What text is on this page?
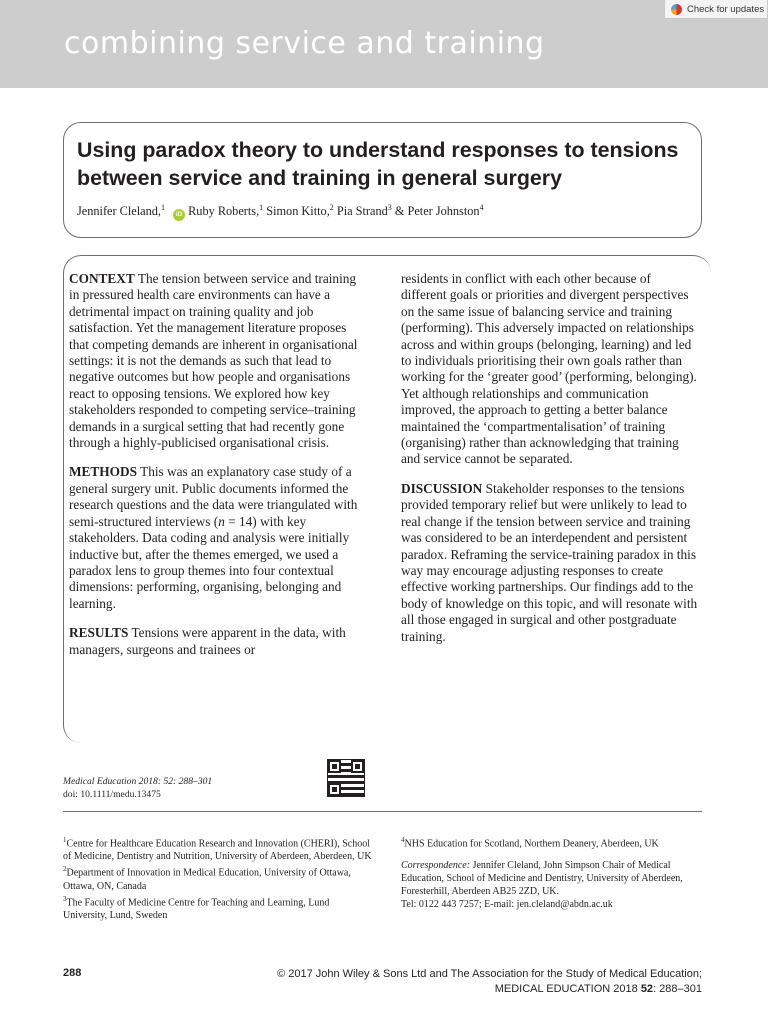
combining service and training
Check for updates
Using paradox theory to understand responses to tensions between service and training in general surgery
Jennifer Cleland,$^1$ iD Ruby Roberts,$^1$ Simon Kitto,$^2$ Pia Strand$^3$ & Peter Johnston$^4$

CONTEXT The tension between service and training in pressured health care environments can have a detrimental impact on training quality and job satisfaction. Yet the management literature proposes that competing demands are inherent in organisational settings: it is not the demands as such that lead to negative outcomes but how people and organisations react to opposing tensions. We explored how key stakeholders responded to competing service–training demands in a surgical setting that had recently gone through a highly-publicised organisational crisis.

METHODS This was an explanatory case study of a general surgery unit. Public documents informed the research questions and the data were triangulated with semi-structured interviews (n = 14) with key stakeholders. Data coding and analysis were initially inductive but, after the themes emerged, we used a paradox lens to group themes into four contextual dimensions: performing, organising, belonging and learning.

RESULTS Tensions were apparent in the data, with managers, surgeons and trainees or

residents in conflict with each other because of different goals or priorities and divergent perspectives on the same issue of balancing service and training (performing). This adversely impacted on relationships across and within groups (belonging, learning) and led to individuals prioritising their own goals rather than working for the ‘greater good’ (performing, belonging). Yet although relationships and communication improved, the approach to getting a better balance maintained the ‘compartmentalisation’ of training (organising) rather than acknowledging that training and service cannot be separated.

DISCUSSION Stakeholder responses to the tensions provided temporary relief but were unlikely to lead to real change if the tension between service and training was considered to be an interdependent and persistent paradox. Reframing the service-training paradox in this way may encourage adjusting responses to create effective working partnerships. Our findings add to the body of knowledge on this topic, and will resonate with all those engaged in surgical and other postgraduate training.

Medical Education 2018: 52: 288–301
doi: 10.1111/medu.13475

$^1$Centre for Healthcare Education Research and Innovation (CHERI), School of Medicine, Dentistry and Nutrition, University of Aberdeen, Aberdeen, UK

$^2$Department of Innovation in Medical Education, University of Ottawa, Ottawa, ON, Canada

$^3$The Faculty of Medicine Centre for Teaching and Learning, Lund University, Lund, Sweden

$^4$NHS Education for Scotland, Northern Deanery, Aberdeen, UK

Correspondence: Jennifer Cleland, John Simpson Chair of Medical Education, School of Medicine and Dentistry, University of Aberdeen, Foresterhill, Aberdeen AB25 2ZD, UK.
Tel: 0122 443 7257; E-mail: jen.cleland@abdn.ac.uk

288	© 2017 John Wiley & Sons Ltd and The Association for the Study of Medical Education;
MEDICAL EDUCATION 2018 52: 288–301
